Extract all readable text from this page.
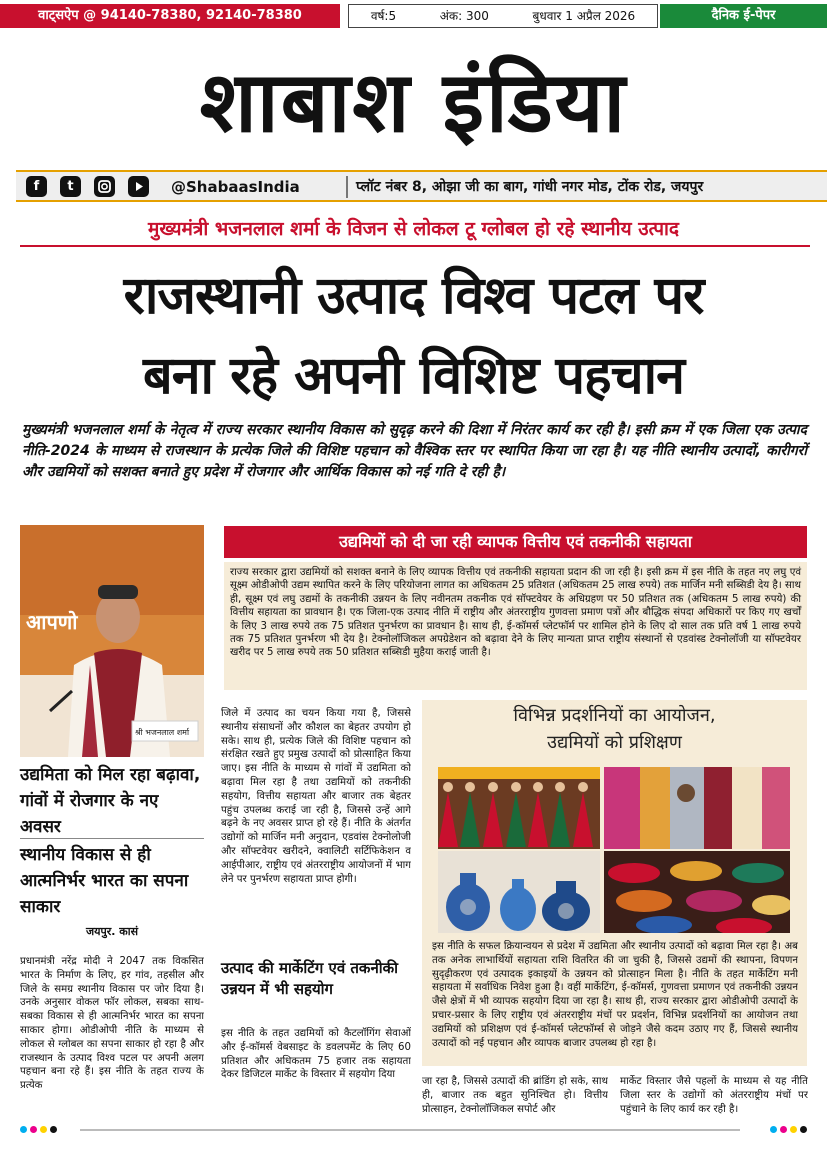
वाट्सऐप @ 94140-78380, 92140-78380	वर्ष:5	अंक: 300	बुधवार 1 अप्रैल 2026	दैनिक ई-पेपर
शाबाश इंडिया
f	t	@ShabaasIndia	प्लॉट नंबर 8, ओझा जी का बाग, गांधी नगर मोड, टोंक रोड, जयपुर
मुख्यमंत्री भजनलाल शर्मा के विजन से लोकल टू ग्लोबल हो रहे स्थानीय उत्पाद
राजस्थानी उत्पाद विश्व पटल पर
बना रहे अपनी विशिष्ट पहचान
मुख्यमंत्री भजनलाल शर्मा के नेतृत्व में राज्य सरकार स्थानीय विकास को सुदृढ़ करने की दिशा में निरंतर कार्य कर रही है। इसी क्रम में एक जिला एक उत्पाद नीति-2024 के माध्यम से राजस्थान के प्रत्येक जिले की विशिष्ट पहचान को वैश्विक स्तर पर स्थापित किया जा रहा है। यह नीति स्थानीय उत्पादों, कारीगरों और उद्यमियों को सशक्त बनाते हुए प्रदेश में रोजगार और आर्थिक विकास को नई गति दे रही है।
आपणो
श्री भजनलाल शर्मा
उद्यमिता को मिल रहा बढ़ावा, गांवों में रोजगार के नए अवसर
स्थानीय विकास से ही आत्मनिर्भर भारत का सपना साकार
जयपुर. कासं
प्रधानमंत्री नरेंद्र मोदी ने 2047 तक विकसित भारत के निर्माण के लिए, हर गांव, तहसील और जिले के समग्र स्थानीय विकास पर जोर दिया है। उनके अनुसार वोकल फॉर लोकल, सबका साथ-सबका विकास से ही आत्मनिर्भर भारत का सपना साकार होगा। ओडीओपी नीति के माध्यम से लोकल से ग्लोबल का सपना साकार हो रहा है और राजस्थान के उत्पाद विश्व पटल पर अपनी अलग पहचान बना रहे हैं। इस नीति के तहत राज्य के प्रत्येक
उद्यमियों को दी जा रही व्यापक वित्तीय एवं तकनीकी सहायता
राज्य सरकार द्वारा उद्यमियों को सशक्त बनाने के लिए व्यापक वित्तीय एवं तकनीकी सहायता प्रदान की जा रही है। इसी क्रम में इस नीति के तहत नए लघु एवं सूक्ष्म ओडीओपी उद्यम स्थापित करने के लिए परियोजना लागत का अधिकतम 25 प्रतिशत (अधिकतम 25 लाख रुपये) तक मार्जिन मनी सब्सिडी देय है। साथ ही, सूक्ष्म एवं लघु उद्यमों के तकनीकी उन्नयन के लिए नवीनतम तकनीक एवं सॉफ्टवेयर के अधिग्रहण पर 50 प्रतिशत तक (अधिकतम 5 लाख रुपये) की वित्तीय सहायता का प्रावधान है। एक जिला-एक उत्पाद नीति में राष्ट्रीय और अंतरराष्ट्रीय गुणवत्ता प्रमाण पत्रों और बौद्धिक संपदा अधिकारों पर किए गए खर्चों के लिए 3 लाख रुपये तक 75 प्रतिशत पुनर्भरण का प्रावधान है। साथ ही, ई-कॉमर्स प्लेटफॉर्म पर शामिल होने के लिए दो साल तक प्रति वर्ष 1 लाख रुपये तक 75 प्रतिशत पुनर्भरण भी देय है। टेक्नोलॉजिकल अपग्रेडेशन को बढ़ावा देने के लिए मान्यता प्राप्त राष्ट्रीय संस्थानों से एडवांस्ड टेक्नोलॉजी या सॉफ्टवेयर खरीद पर 5 लाख रुपये तक 50 प्रतिशत सब्सिडी मुहैया कराई जाती है।
जिले में उत्पाद का चयन किया गया है, जिससे स्थानीय संसाधनों और कौशल का बेहतर उपयोग हो सके। साथ ही, प्रत्येक जिले की विशिष्ट पहचान को संरक्षित रखते हुए प्रमुख उत्पादों को प्रोत्साहित किया जाए। इस नीति के माध्यम से गांवों में उद्यमिता को बढ़ावा मिल रहा है तथा उद्यमियों को तकनीकी सहयोग, वित्तीय सहायता और बाजार तक बेहतर पहुंच उपलब्ध कराई जा रही है, जिससे उन्हें आगे बढ़ने के नए अवसर प्राप्त हो रहे हैं। नीति के अंतर्गत उद्योगों को मार्जिन मनी अनुदान, एडवांस टेक्नोलोजी और सॉफ्टवेयर खरीदने, क्वालिटी सर्टिफिकेशन व आईपीआर, राष्ट्रीय एवं अंतरराष्ट्रीय आयोजनों में भाग लेने पर पुनर्भरण सहायता प्राप्त होगी।
उत्पाद की मार्केटिंग एवं तकनीकी उन्नयन में भी सहयोग
इस नीति के तहत उद्यमियों को कैटलॉगिंग सेवाओं और ई-कॉमर्स वेबसाइट के डवलपमेंट के लिए 60 प्रतिशत और अधिकतम 75 हजार तक सहायता देकर डिजिटल मार्केट के विस्तार में सहयोग दिया
विभिन्न प्रदर्शनियों का आयोजन,
उद्यमियों को प्रशिक्षण
इस नीति के सफल क्रियान्वयन से प्रदेश में उद्यमिता और स्थानीय उत्पादों को बढ़ावा मिल रहा है। अब तक अनेक लाभार्थियों सहायता राशि वितरित की जा चुकी है, जिससे उद्यमों की स्थापना, विपणन सुदृढ़ीकरण एवं उत्पादक इकाइयों के उन्नयन को प्रोत्साहन मिला है। नीति के तहत मार्केटिंग मनी सहायता में सर्वाधिक निवेश हुआ है। वहीं मार्केटिंग, ई-कॉमर्स, गुणवत्ता प्रमाणन एवं तकनीकी उन्नयन जैसे क्षेत्रों में भी व्यापक सहयोग दिया जा रहा है। साथ ही, राज्य सरकार द्वारा ओडीओपी उत्पादों के प्रचार-प्रसार के लिए राष्ट्रीय एवं अंतरराष्ट्रीय मंचों पर प्रदर्शन, विभिन्न प्रदर्शनियों का आयोजन तथा उद्यमियों को प्रशिक्षण एवं ई-कॉमर्स प्लेटफॉर्म्स से जोड़ने जैसे कदम उठाए गए हैं, जिससे स्थानीय उत्पादों को नई पहचान और व्यापक बाजार उपलब्ध हो रहा है।
जा रहा है, जिससे उत्पादों की ब्रांडिंग हो सके, साथ ही, बाजार तक बहुत सुनिश्चित हो। वित्तीय प्रोत्साहन, टेक्नोलॉजिकल सपोर्ट और
मार्केट विस्तार जैसे पहलों के माध्यम से यह नीति जिला स्तर के उद्योगों को अंतरराष्ट्रीय मंचों पर पहुंचाने के लिए कार्य कर रही है।
